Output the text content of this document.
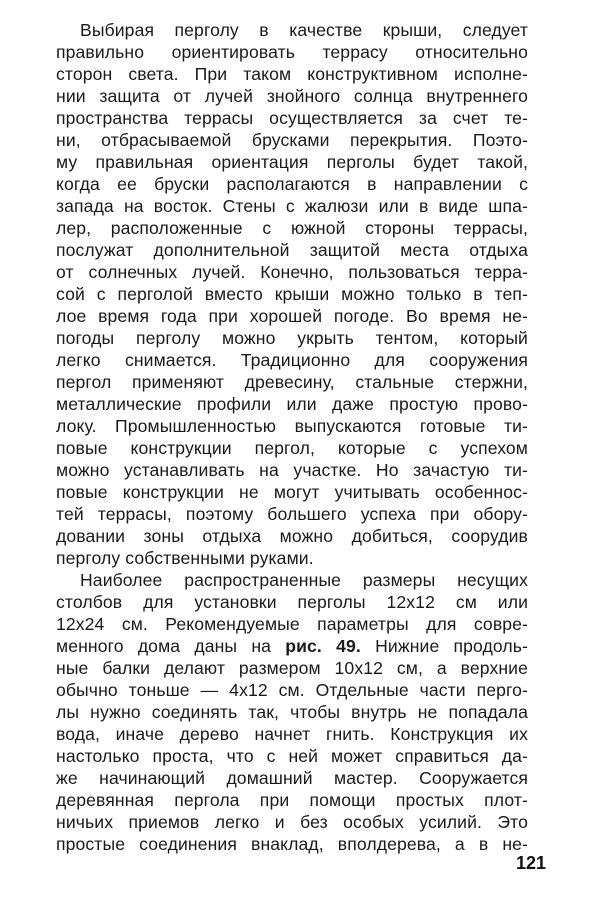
Выбирая перголу в качестве крыши, следует
правильно ориентировать террасу относительно
сторон света. При таком конструктивном исполне-
нии защита от лучей знойного солнца внутреннего
пространства террасы осуществляется за счет те-
ни, отбрасываемой брусками перекрытия. Поэто-
му правильная ориентация перголы будет такой,
когда ее бруски располагаются в направлении с
запада на восток. Стены с жалюзи или в виде шпа-
лер, расположенные с южной стороны террасы,
послужат дополнительной защитой места отдыха
от солнечных лучей. Конечно, пользоваться терра-
сой с перголой вместо крыши можно только в теп-
лое время года при хорошей погоде. Во время не-
погоды перголу можно укрыть тентом, который
легко снимается. Традиционно для сооружения
пергол применяют древесину, стальные стержни,
металлические профили или даже простую прово-
локу. Промышленностью выпускаются готовые ти-
повые конструкции пергол, которые с успехом
можно устанавливать на участке. Но зачастую ти-
повые конструкции не могут учитывать особеннос-
тей террасы, поэтому большего успеха при обору-
довании зоны отдыха можно добиться, соорудив
перголу собственными руками.
Наиболее распространенные размеры несущих
столбов для установки перголы 12х12 см или
12х24 см. Рекомендуемые параметры для совре-
менного дома даны на рис. 49. Нижние продоль-
ные балки делают размером 10х12 см, а верхние
обычно тоньше — 4х12 см. Отдельные части перго-
лы нужно соединять так, чтобы внутрь не попадала
вода, иначе дерево начнет гнить. Конструкция их
настолько проста, что с ней может справиться да-
же начинающий домашний мастер. Сооружается
деревянная пергола при помощи простых плот-
ничьих приемов легко и без особых усилий. Это
простые соединения внаклад, вполдерева, а в не-
121
